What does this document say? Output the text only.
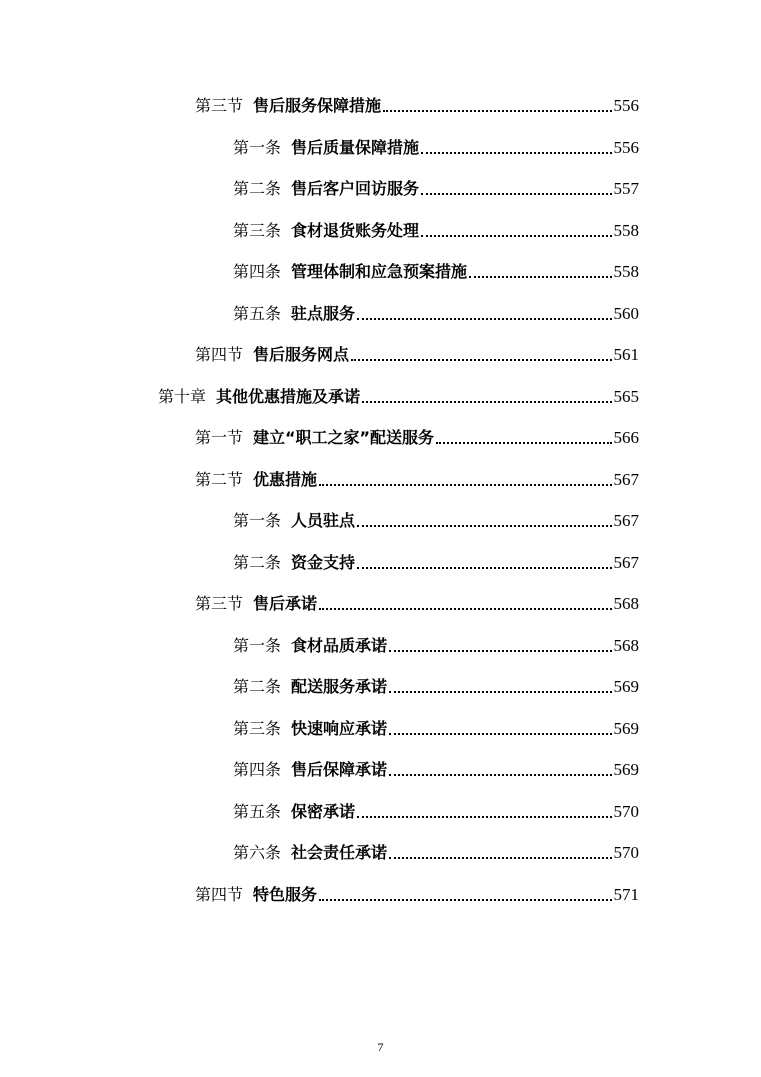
第三节 售后服务保障措施	556
第一条 售后质量保障措施	556
第二条 售后客户回访服务	557
第三条 食材退货账务处理	558
第四条 管理体制和应急预案措施	558
第五条 驻点服务	560
第四节 售后服务网点	561
第十章 其他优惠措施及承诺	565
第一节 建立“职工之家”配送服务	566
第二节 优惠措施	567
第一条 人员驻点	567
第二条 资金支持	567
第三节 售后承诺	568
第一条 食材品质承诺	568
第二条 配送服务承诺	569
第三条 快速响应承诺	569
第四条 售后保障承诺	569
第五条 保密承诺	570
第六条 社会责任承诺	570
第四节 特色服务	571
7
